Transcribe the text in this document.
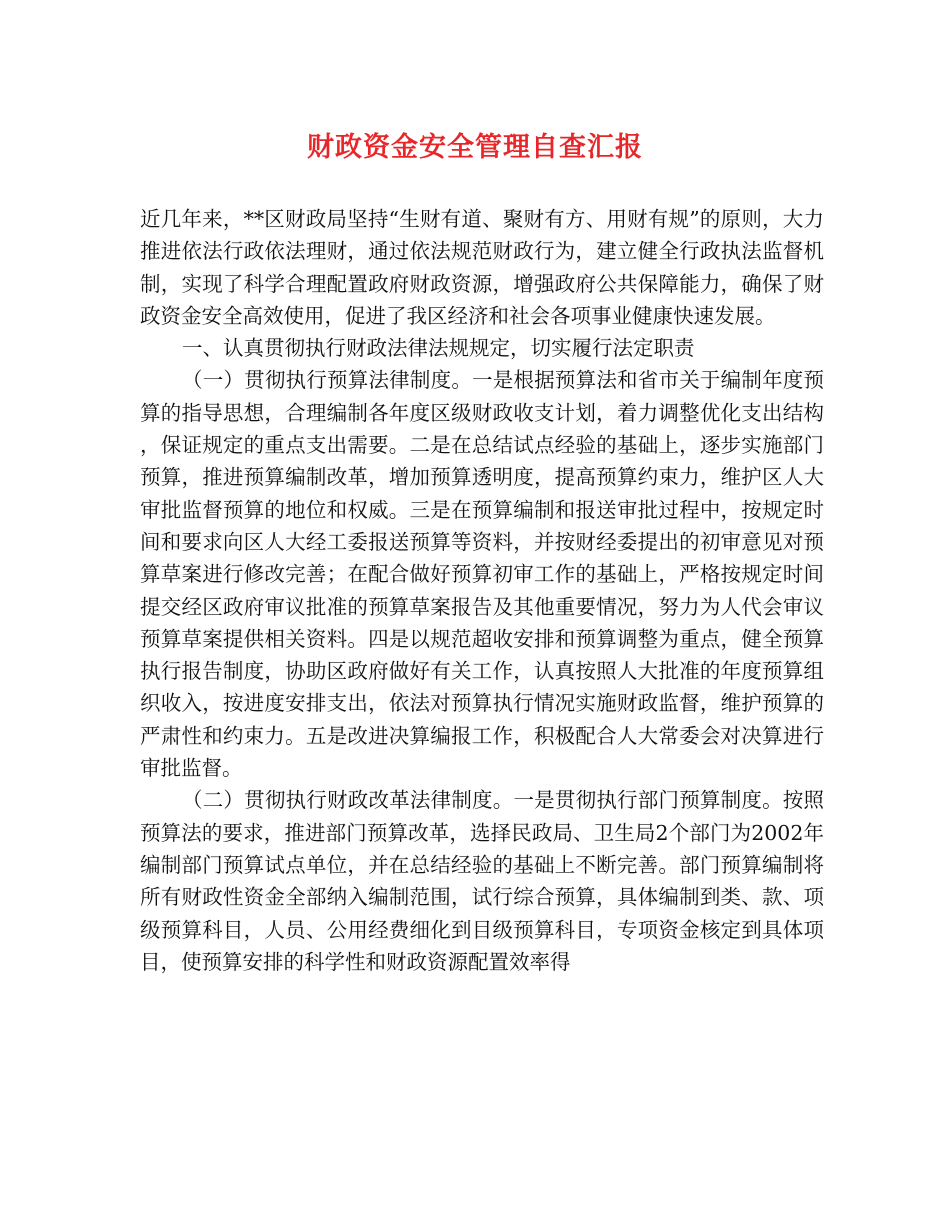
财政资金安全管理自查汇报

近几年来，**区财政局坚持“生财有道、聚财有方、用财有规”的原则，大力推进依法行政依法理财，通过依法规范财政行为，建立健全行政执法监督机制，实现了科学合理配置政府财政资源，增强政府公共保障能力，确保了财政资金安全高效使用，促进了我区经济和社会各项事业健康快速发展。

一、认真贯彻执行财政法律法规规定，切实履行法定职责

（一）贯彻执行预算法律制度。一是根据预算法和省市关于编制年度预算的指导思想，合理编制各年度区级财政收支计划，着力调整优化支出结构，保证规定的重点支出需要。二是在总结试点经验的基础上，逐步实施部门预算，推进预算编制改革，增加预算透明度，提高预算约束力，维护区人大审批监督预算的地位和权威。三是在预算编制和报送审批过程中，按规定时间和要求向区人大经工委报送预算等资料，并按财经委提出的初审意见对预算草案进行修改完善；在配合做好预算初审工作的基础上，严格按规定时间提交经区政府审议批准的预算草案报告及其他重要情况，努力为人代会审议预算草案提供相关资料。四是以规范超收安排和预算调整为重点，健全预算执行报告制度，协助区政府做好有关工作，认真按照人大批准的年度预算组织收入，按进度安排支出，依法对预算执行情况实施财政监督，维护预算的严肃性和约束力。五是改进决算编报工作，积极配合人大常委会对决算进行审批监督。

（二）贯彻执行财政改革法律制度。一是贯彻执行部门预算制度。按照预算法的要求，推进部门预算改革，选择民政局、卫生局2个部门为2002年编制部门预算试点单位，并在总结经验的基础上不断完善。部门预算编制将所有财政性资金全部纳入编制范围，试行综合预算，具体编制到类、款、项级预算科目，人员、公用经费细化到目级预算科目，专项资金核定到具体项目，使预算安排的科学性和财政资源配置效率得
